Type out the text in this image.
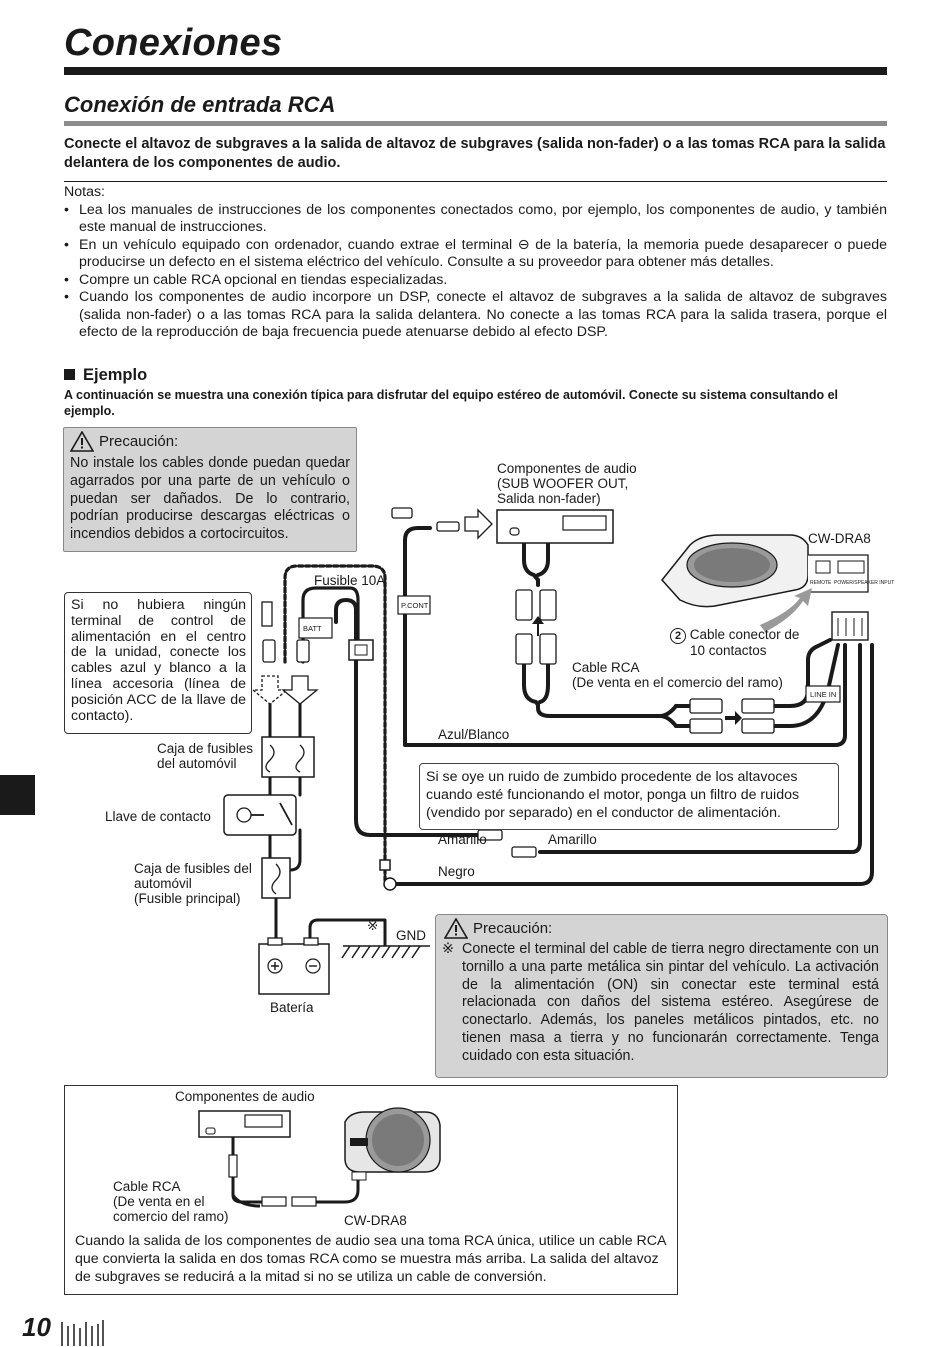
Conexiones
Conexión de entrada RCA
Conecte el altavoz de subgraves a la salida de altavoz de subgraves (salida non-fader) o a las tomas RCA para la salida delantera de los componentes de audio.
Notas:
• Lea los manuales de instrucciones de los componentes conectados como, por ejemplo, los componentes de audio, y también este manual de instrucciones.
• En un vehículo equipado con ordenador, cuando extrae el terminal ⊖ de la batería, la memoria puede desaparecer o puede producirse un defecto en el sistema eléctrico del vehículo. Consulte a su proveedor para obtener más detalles.
• Compre un cable RCA opcional en tiendas especializadas.
• Cuando los componentes de audio incorpore un DSP, conecte el altavoz de subgraves a la salida de altavoz de subgraves (salida non-fader) o a las tomas RCA para la salida delantera. No conecte a las tomas RCA para la salida trasera, porque el efecto de la reproducción de baja frecuencia puede atenuarse debido al efecto DSP.
Ejemplo
A continuación se muestra una conexión típica para disfrutar del equipo estéreo de automóvil. Conecte su sistema consultando el ejemplo.
Precaución:
No instale los cables donde puedan quedar agarrados por una parte de un vehículo o puedan ser dañados. De lo contrario, podrían producirse descargas eléctricas o incendios debidos a cortocircuitos.
Si no hubiera ningún terminal de control de alimentación en el centro de la unidad, conecte los cables azul y blanco a la línea accesoria (línea de posición ACC de la llave de contacto).
BATT
P.CONT
LINE IN
REMOTE POWER/SPEAKER INPUT
Componentes de audio
(SUB WOOFER OUT,
Salida non-fader)
Fusible 10A
CW-DRA8
2 Cable conector de
10 contactos
Cable RCA
(De venta en el comercio del ramo)
Azul/Blanco
Amarillo	Amarillo
Negro
GND
※
Caja de fusibles
del automóvil
Llave de contacto
Caja de fusibles del
automóvil
(Fusible principal)
Batería
Si se oye un ruido de zumbido procedente de los altavoces cuando esté funcionando el motor, ponga un filtro de ruidos (vendido por separado) en el conductor de alimentación.
Precaución:
※ Conecte el terminal del cable de tierra negro directamente con un tornillo a una parte metálica sin pintar del vehículo. La activación de la alimentación (ON) sin conectar este terminal está relacionada con daños del sistema estéreo. Asegúrese de conectarlo. Además, los paneles metálicos pintados, etc. no tienen masa a tierra y no funcionarán correctamente. Tenga cuidado con esta situación.
Componentes de audio
Cable RCA
(De venta en el
comercio del ramo)	CW-DRA8
Cuando la salida de los componentes de audio sea una toma RCA única, utilice un cable RCA que convierta la salida en dos tomas RCA como se muestra más arriba. La salida del altavoz de subgraves se reducirá a la mitad si no se utiliza un cable de conversión.
10
